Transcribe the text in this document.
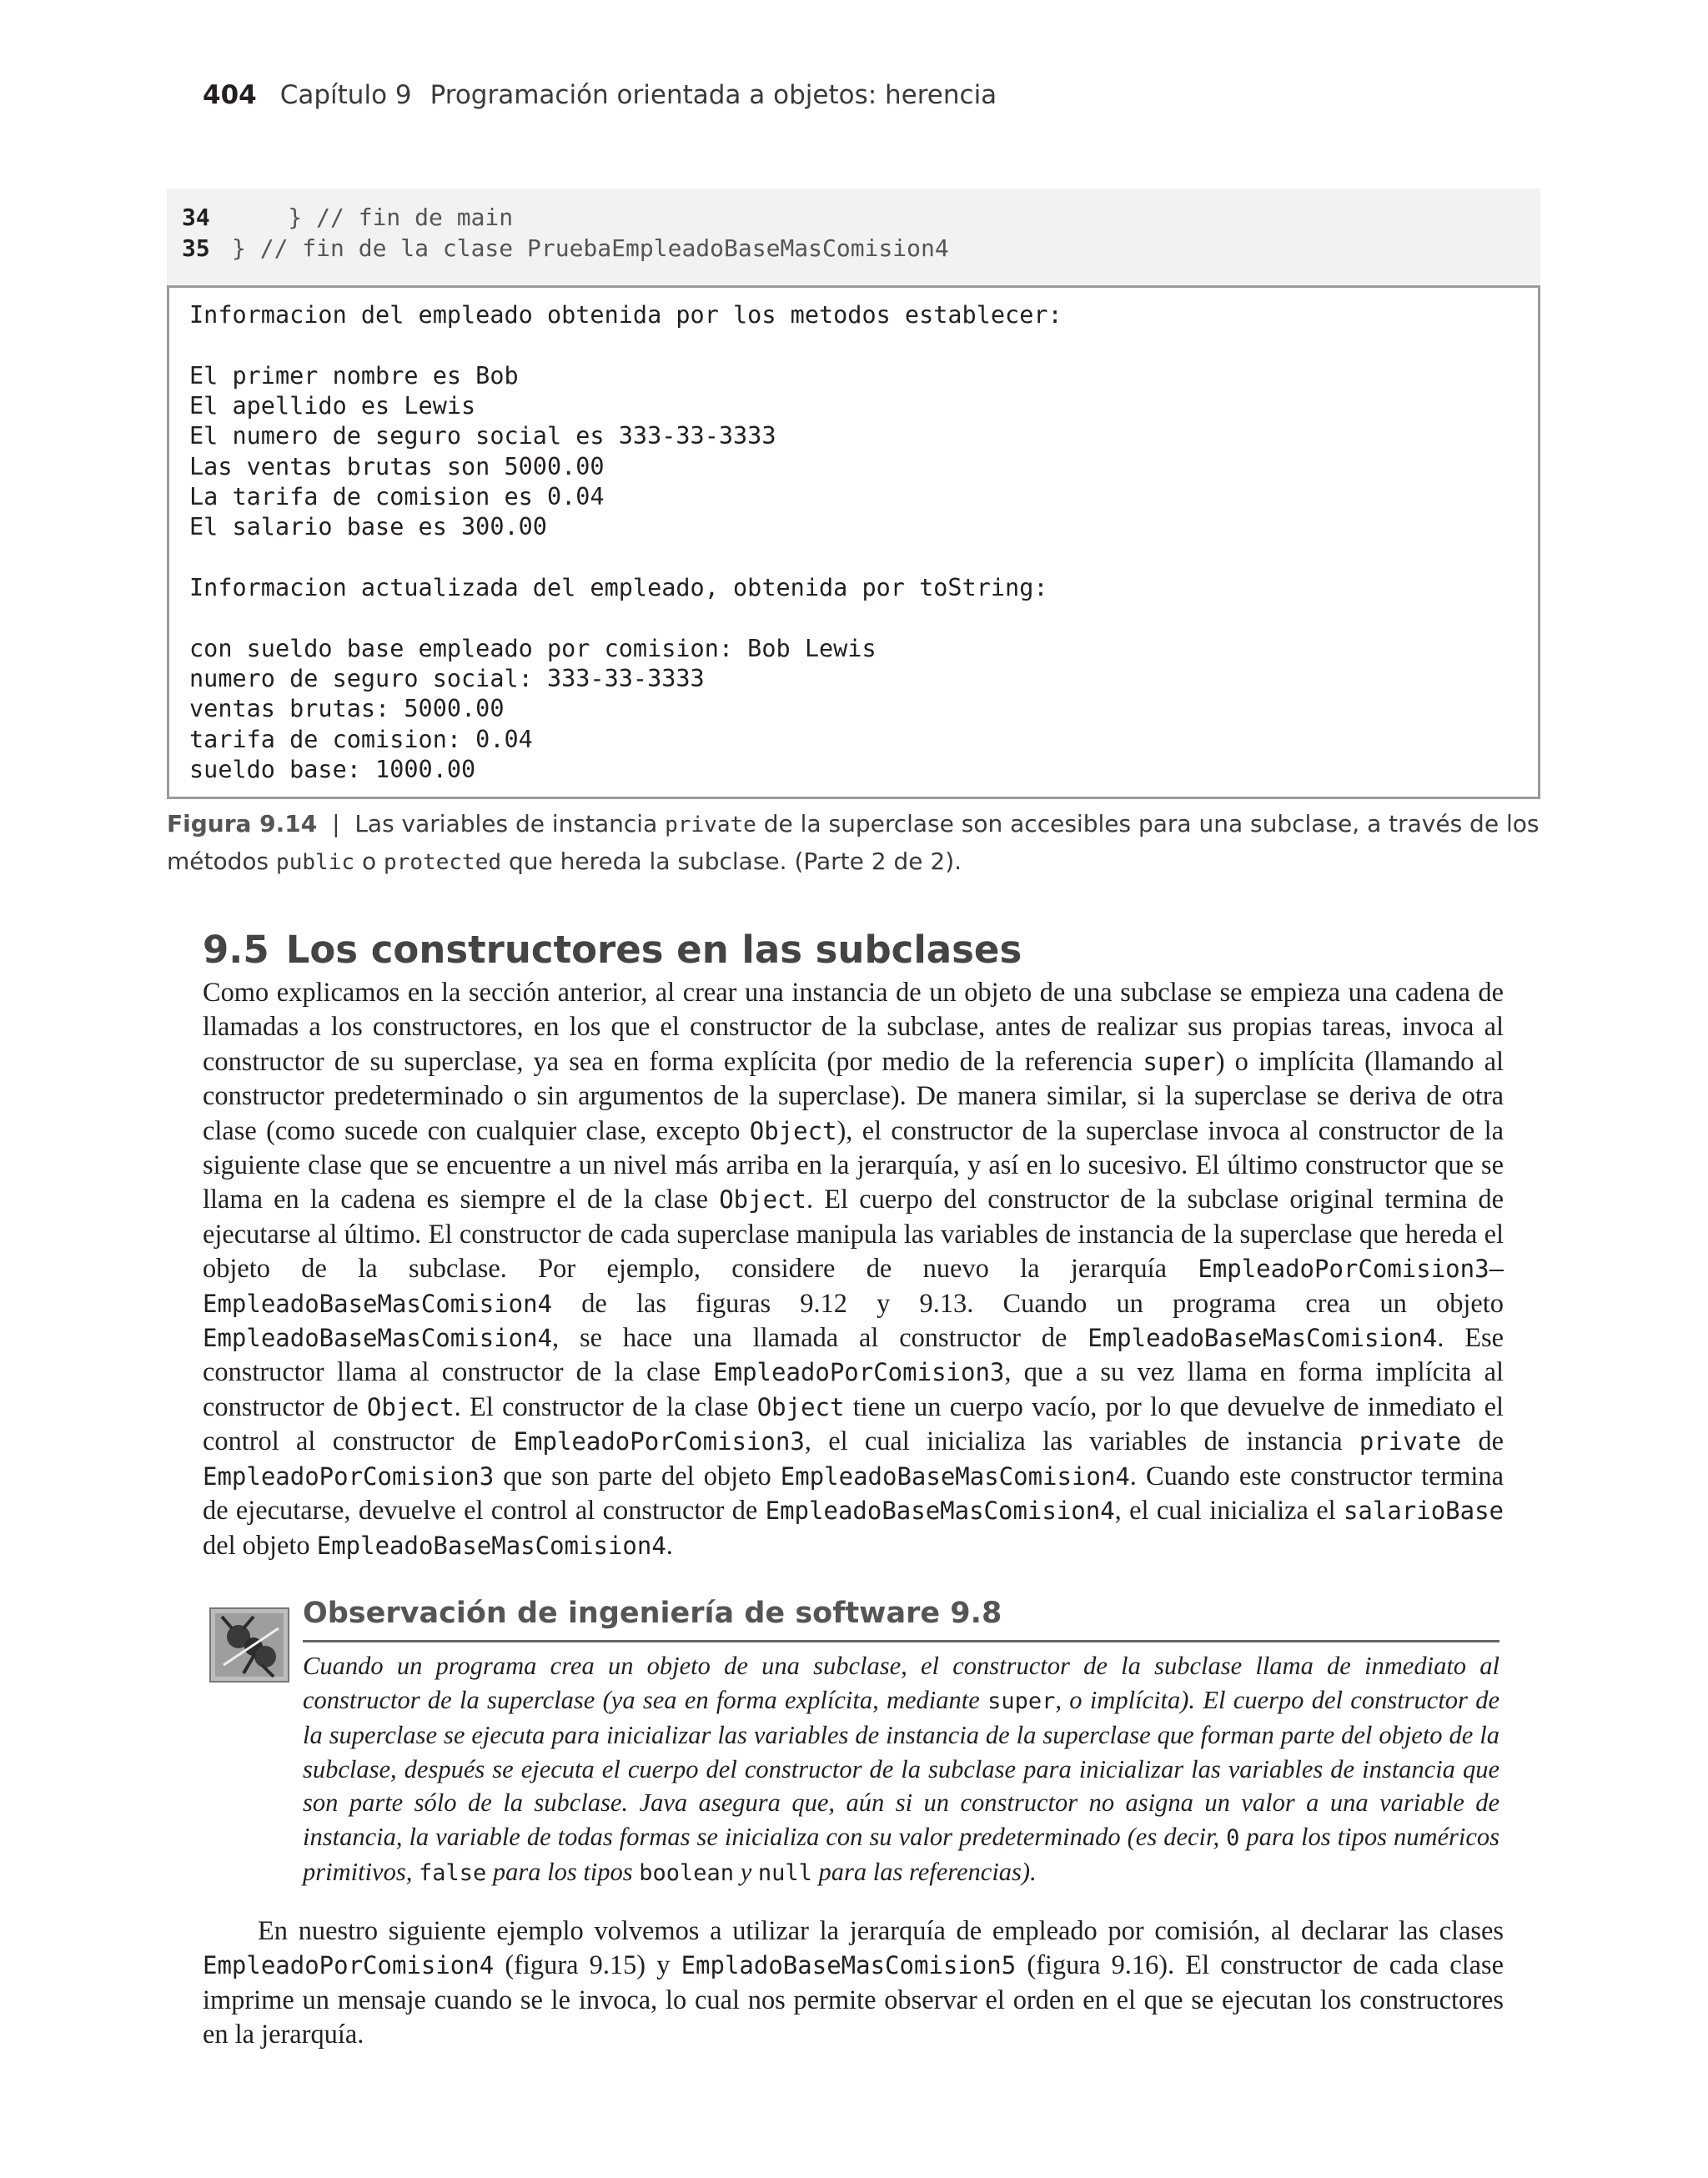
404 Capítulo 9 Programación orientada a objetos: herencia
34    } // fin de main
35 } // fin de la clase PruebaEmpleadoBaseMasComision4
Informacion del empleado obtenida por los metodos establecer:
El primer nombre es Bob
El apellido es Lewis
El numero de seguro social es 333-33-3333
Las ventas brutas son 5000.00
La tarifa de comision es 0.04
El salario base es 300.00
Informacion actualizada del empleado, obtenida por toString:
con sueldo base empleado por comision: Bob Lewis
numero de seguro social: 333-33-3333
ventas brutas: 5000.00
tarifa de comision: 0.04
sueldo base: 1000.00
Figura 9.14 | Las variables de instancia private de la superclase son accesibles para una subclase, a través de los métodos public o protected que hereda la subclase. (Parte 2 de 2).
9.5 Los constructores en las subclases
Como explicamos en la sección anterior, al crear una instancia de un objeto de una subclase se empieza una cadena de llamadas a los constructores, en los que el constructor de la subclase, antes de realizar sus propias tareas, invoca al constructor de su superclase, ya sea en forma explícita (por medio de la referencia super) o implícita (llamando al constructor predeterminado o sin argumentos de la superclase). De manera similar, si la superclase se deriva de otra clase (como sucede con cualquier clase, excepto Object), el constructor de la superclase invoca al constructor de la siguiente clase que se encuentre a un nivel más arriba en la jerarquía, y así en lo sucesivo. El último constructor que se llama en la cadena es siempre el de la clase Object. El cuerpo del constructor de la subclase original termina de ejecutarse al último. El constructor de cada superclase manipula las variables de instancia de la superclase que hereda el objeto de la subclase. Por ejemplo, considere de nuevo la jerarquía EmpleadoPorComision3–EmpleadoBaseMasComision4 de las figuras 9.12 y 9.13. Cuando un programa crea un objeto EmpleadoBaseMasComision4, se hace una llamada al constructor de EmpleadoBaseMasComision4. Ese constructor llama al constructor de la clase EmpleadoPorComision3, que a su vez llama en forma implícita al constructor de Object. El constructor de la clase Object tiene un cuerpo vacío, por lo que devuelve de inmediato el control al constructor de EmpleadoPorComision3, el cual inicializa las variables de instancia private de EmpleadoPorComision3 que son parte del objeto EmpleadoBaseMasComision4. Cuando este constructor termina de ejecutarse, devuelve el control al constructor de EmpleadoBaseMasComision4, el cual inicializa el salarioBase del objeto EmpleadoBaseMasComision4.
Observación de ingeniería de software 9.8
Cuando un programa crea un objeto de una subclase, el constructor de la subclase llama de inmediato al constructor de la superclase (ya sea en forma explícita, mediante super, o implícita). El cuerpo del constructor de la superclase se ejecuta para inicializar las variables de instancia de la superclase que forman parte del objeto de la subclase, después se ejecuta el cuerpo del constructor de la subclase para inicializar las variables de instancia que son parte sólo de la subclase. Java asegura que, aún si un constructor no asigna un valor a una variable de instancia, la variable de todas formas se inicializa con su valor predeterminado (es decir, 0 para los tipos numéricos primitivos, false para los tipos boolean y null para las referencias).
En nuestro siguiente ejemplo volvemos a utilizar la jerarquía de empleado por comisión, al declarar las clases EmpleadoPorComision4 (figura 9.15) y EmpladoBaseMasComision5 (figura 9.16). El constructor de cada clase imprime un mensaje cuando se le invoca, lo cual nos permite observar el orden en el que se ejecutan los constructores en la jerarquía.
